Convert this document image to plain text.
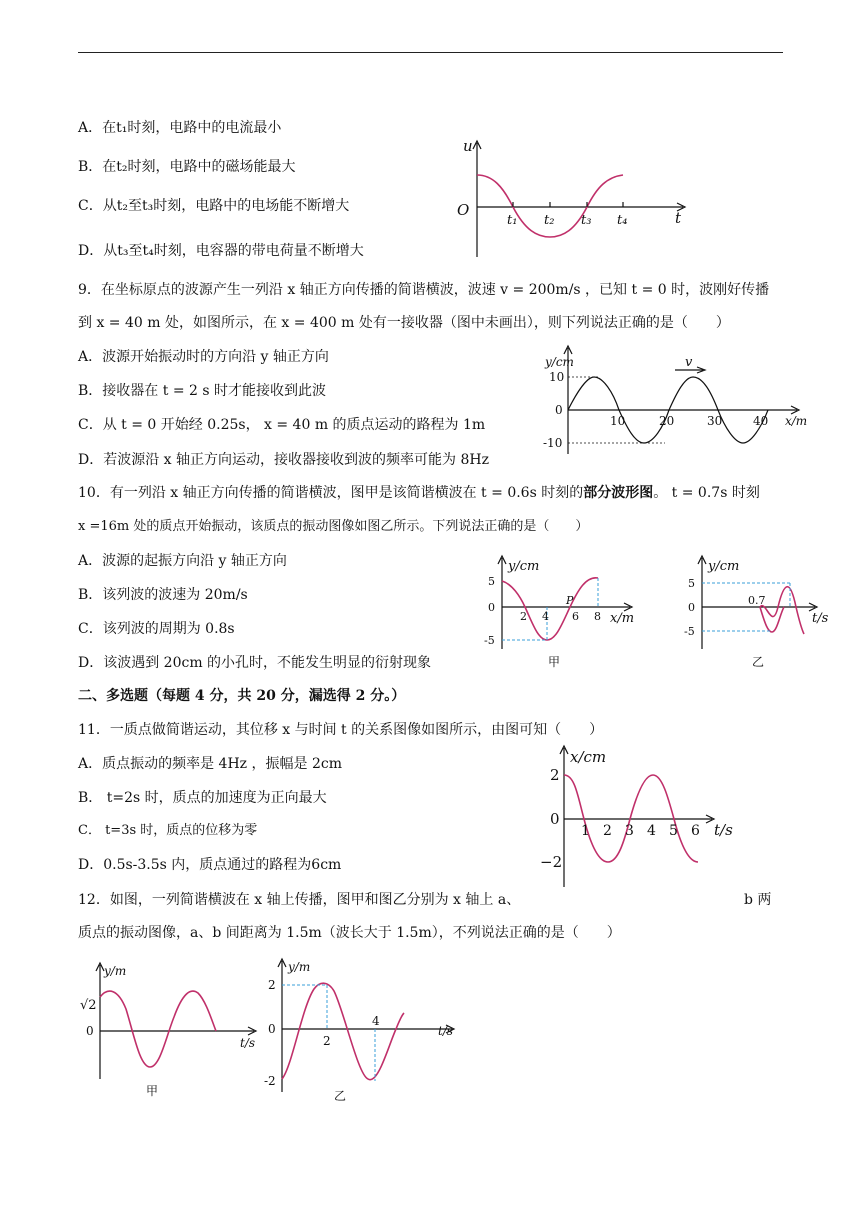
A．在t₁时刻，电路中的电流最小
B．在t₂时刻，电路中的磁场能最大
C．从t₂至t₃时刻，电路中的电场能不断增大
D．从t₃至t₄时刻，电容器的带电荷量不断增大
u
O	t
t₁ t₂ t₃ t₄
9．在坐标原点的波源产生一列沿 x 轴正方向传播的简谐横波，波速 v = 200m/s ，已知 t = 0 时，波刚好传播
到 x = 40 m 处，如图所示，在 x = 400 m 处有一接收器（图中未画出），则下列说法正确的是（　　）
A．波源开始振动时的方向沿 y 轴正方向
B．接收器在 t = 2 s 时才能接收到此波
C．从 t = 0 开始经 0.25s， x = 40 m 的质点运动的路程为 1m
D．若波源沿 x 轴正方向运动，接收器接收到波的频率可能为 8Hz
y/cm
10
0
-10
10	20	30	40 x/m
v
10．有一列沿 x 轴正方向传播的简谐横波，图甲是该简谐横波在 t = 0.6s 时刻的部分波形图。 t = 0.7s 时刻
x =16m 处的质点开始振动，该质点的振动图像如图乙所示。下列说法正确的是（　　）
A．波源的起振方向沿 y 轴正方向
B．该列波的波速为 20m/s
C．该列波的周期为 0.8s
D．该波遇到 20cm 的小孔时，不能发生明显的衍射现象
y/cm
5
0
-5
2 4 6 8 x/m
P
甲
y/cm
5
0
-5
0.7
t/s
乙
二、多选题（每题 4 分，共 20 分，漏选得 2 分。）
11．一质点做简谐运动，其位移 x 与时间 t 的关系图像如图所示，由图可知（　　）
A．质点振动的频率是 4Hz ，振幅是 2cm
B． t=2s 时，质点的加速度为正向最大
C． t=3s 时，质点的位移为零
D．0.5s-3.5s 内，质点通过的路程为6cm
x/cm
2
0
−2
1 2 3 4 5 6 t/s
12．如图，一列简谐横波在 x 轴上传播，图甲和图乙分别为 x 轴上 a、	b 两
质点的振动图像，a、b 间距离为 1.5m（波长大于 1.5m），不列说法正确的是（　　）
y/m
√2
0
t/s
甲
y/m
2
0
-2
2
4
t/s
乙
